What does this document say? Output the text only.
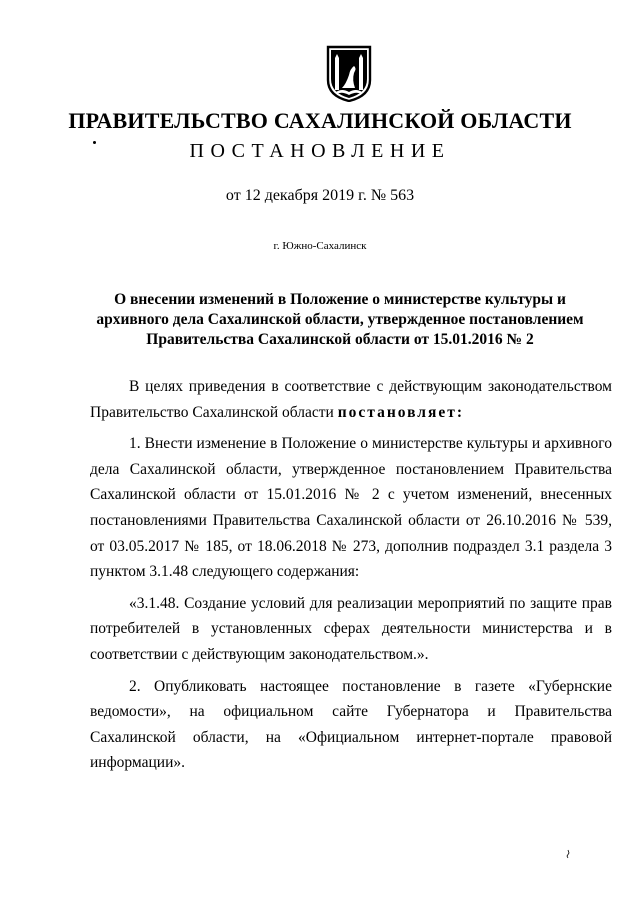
ПРАВИТЕЛЬСТВО САХАЛИНСКОЙ ОБЛАСТИ
ПОСТАНОВЛЕНИЕ
от 12 декабря 2019 г. № 563
г. Южно-Сахалинск
О внесении изменений в Положение о министерстве культуры и архивного дела Сахалинской области, утвержденное постановлением Правительства Сахалинской области от 15.01.2016 № 2

В целях приведения в соответствие с действующим законодательством Правительство Сахалинской области постановляет:

1. Внести изменение в Положение о министерстве культуры и архивного дела Сахалинской области, утвержденное постановлением Правительства Сахалинской области от 15.01.2016 № 2 с учетом изменений, внесенных постановлениями Правительства Сахалинской области от 26.10.2016 № 539, от 03.05.2017 № 185, от 18.06.2018 № 273, дополнив подраздел 3.1 раздела 3 пунктом 3.1.48 следующего содержания:

«3.1.48. Создание условий для реализации мероприятий по защите прав потребителей в установленных сферах деятельности министерства и в соответствии с действующим законодательством.».

2. Опубликовать настоящее постановление в газете «Губернские ведомости», на официальном сайте Губернатора и Правительства Сахалинской области, на «Официальном интернет-портале правовой информации».
